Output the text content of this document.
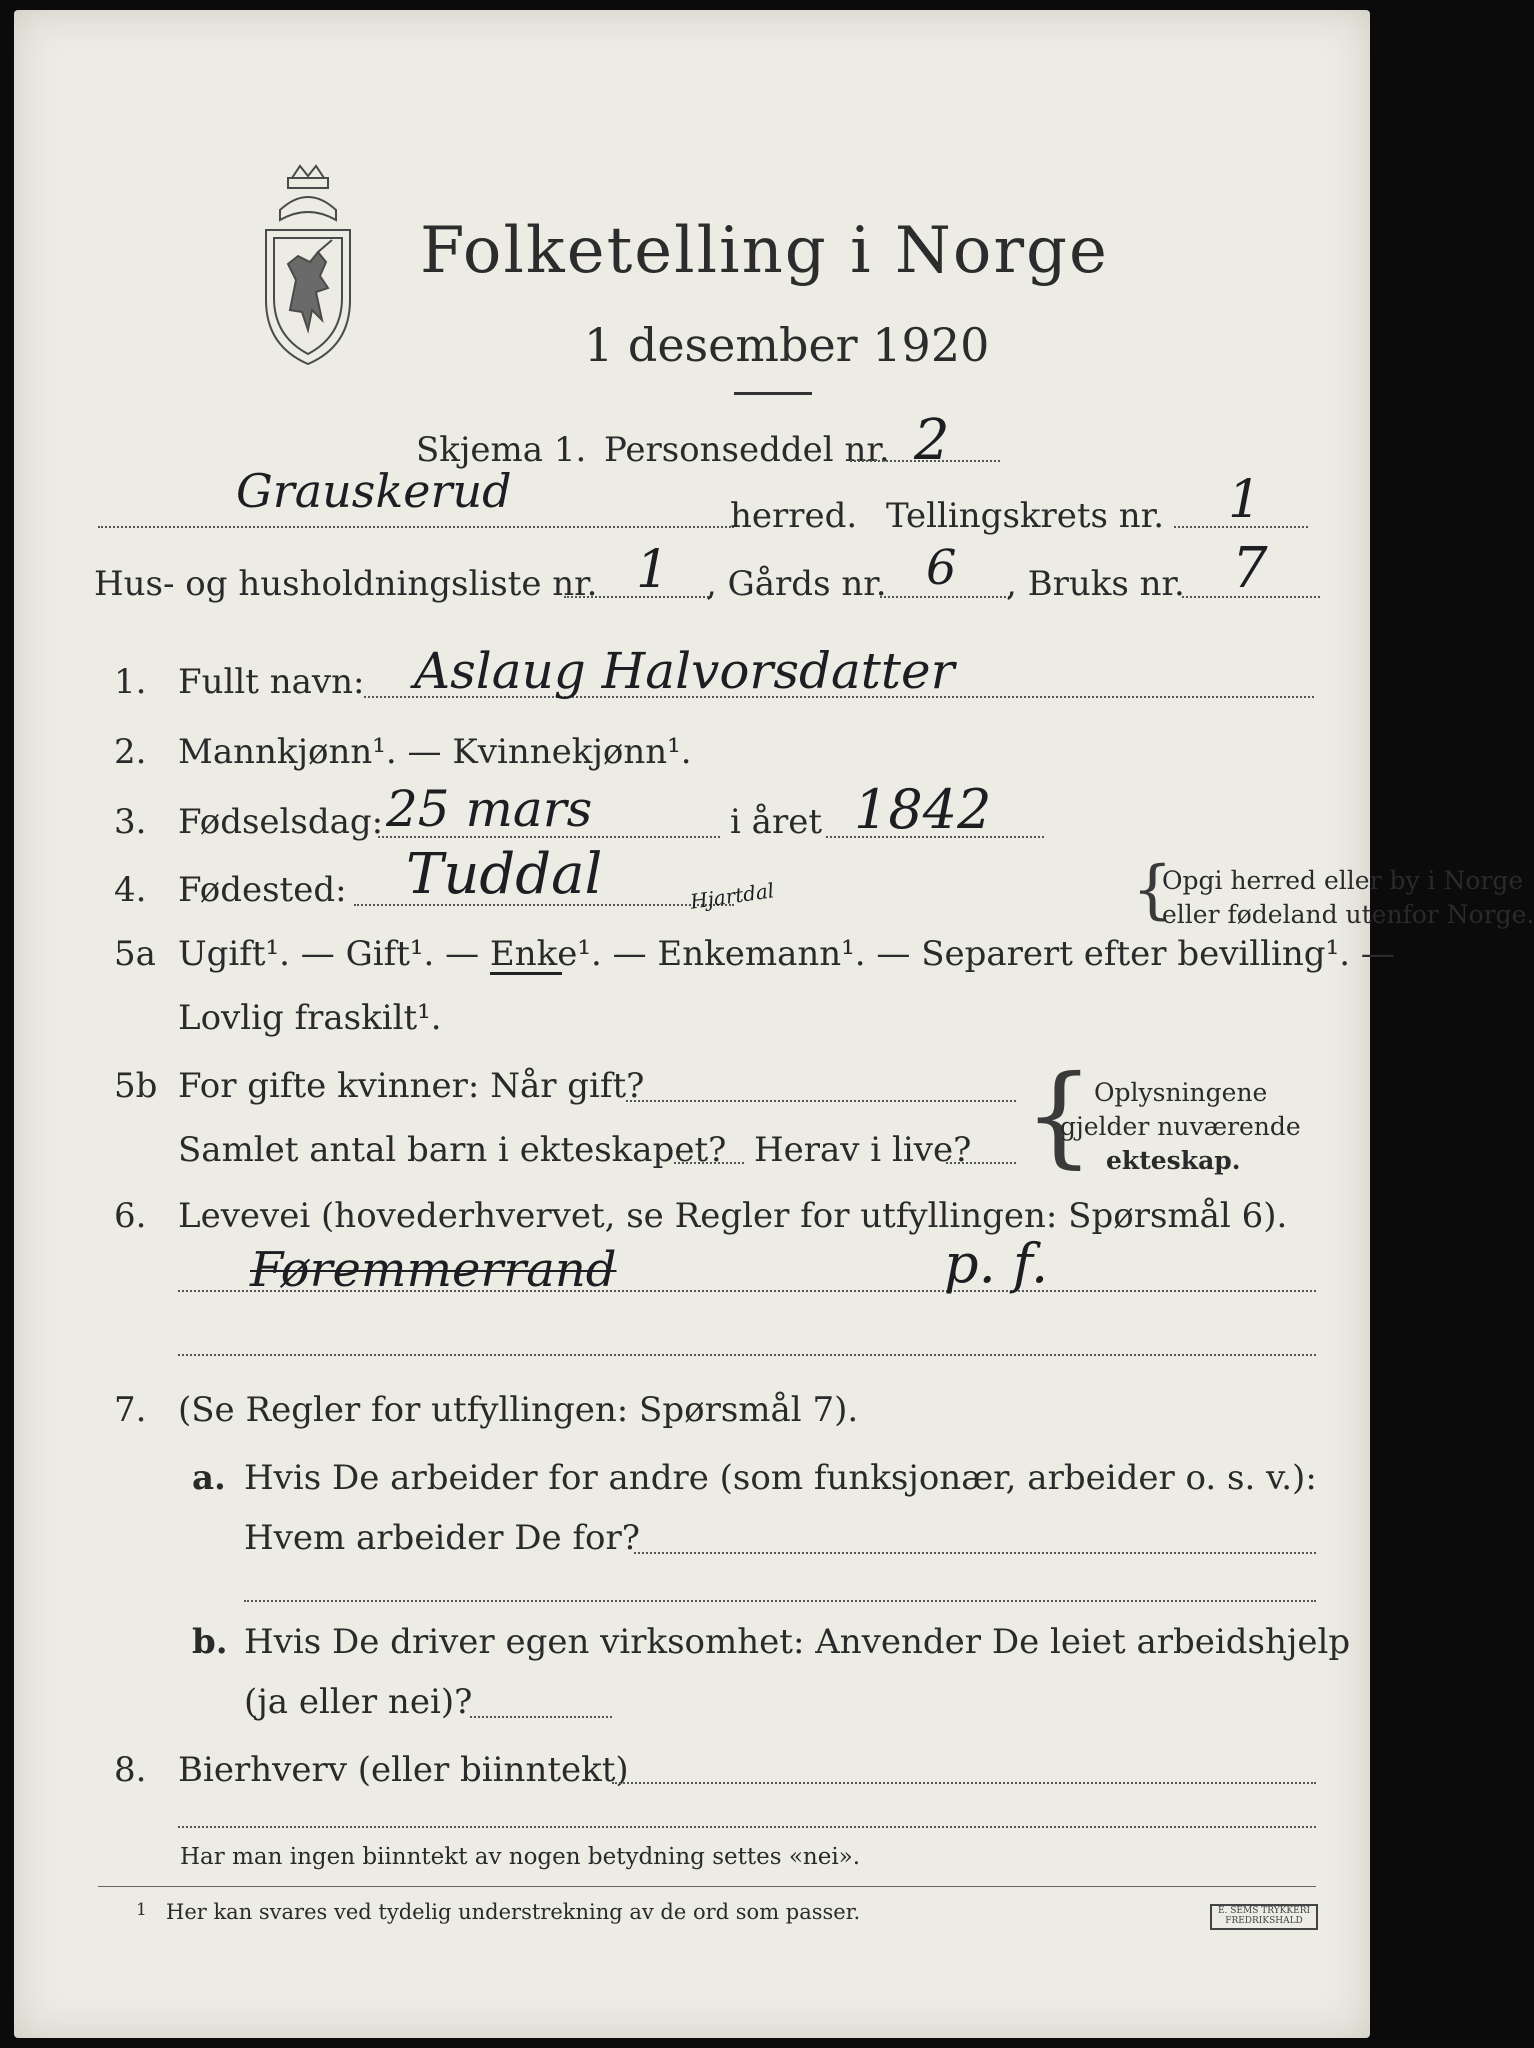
Folketelling i Norge
1 desember 1920
Skjema 1. Personseddel nr. 2
Grauskerud	herred. Tellingskrets nr. 1
Hus- og husholdningsliste nr. 1 , Gårds nr. 6 , Bruks nr. 7
1. Fullt navn: Aslaug Halvorsdatter
2. Mannkjønn¹. — Kvinnekjønn¹.
3. Fødselsdag: 25 mars	i året 1842
4. Fødested: Tuddal	Hjartdal	{
Opgi herred eller by i Norge
eller fødeland utenfor Norge.
5a Ugift¹. — Gift¹. — Enke¹. — Enkemann¹. — Separert efter bevilling¹. —
Lovlig fraskilt¹.
5b For gifte kvinner: Når gift?
Samlet antal barn i ekteskapet? Herav i live? { Oplysningene
gjelder nuværende
ekteskap.
6. Levevei (hovederhvervet, se Regler for utfyllingen: Spørsmål 6).
Føremmerrand	p. f.
7. (Se Regler for utfyllingen: Spørsmål 7).
a. Hvis De arbeider for andre (som funksjonær, arbeider o. s. v.):
Hvem arbeider De for?
b. Hvis De driver egen virksomhet: Anvender De leiet arbeidshjelp
(ja eller nei)?
8. Bierhverv (eller biinntekt)
Har man ingen biinntekt av nogen betydning settes «nei».
1 Her kan svares ved tydelig understrekning av de ord som passer.	E. SEMS TRYKKERI FREDRIKSHALD
